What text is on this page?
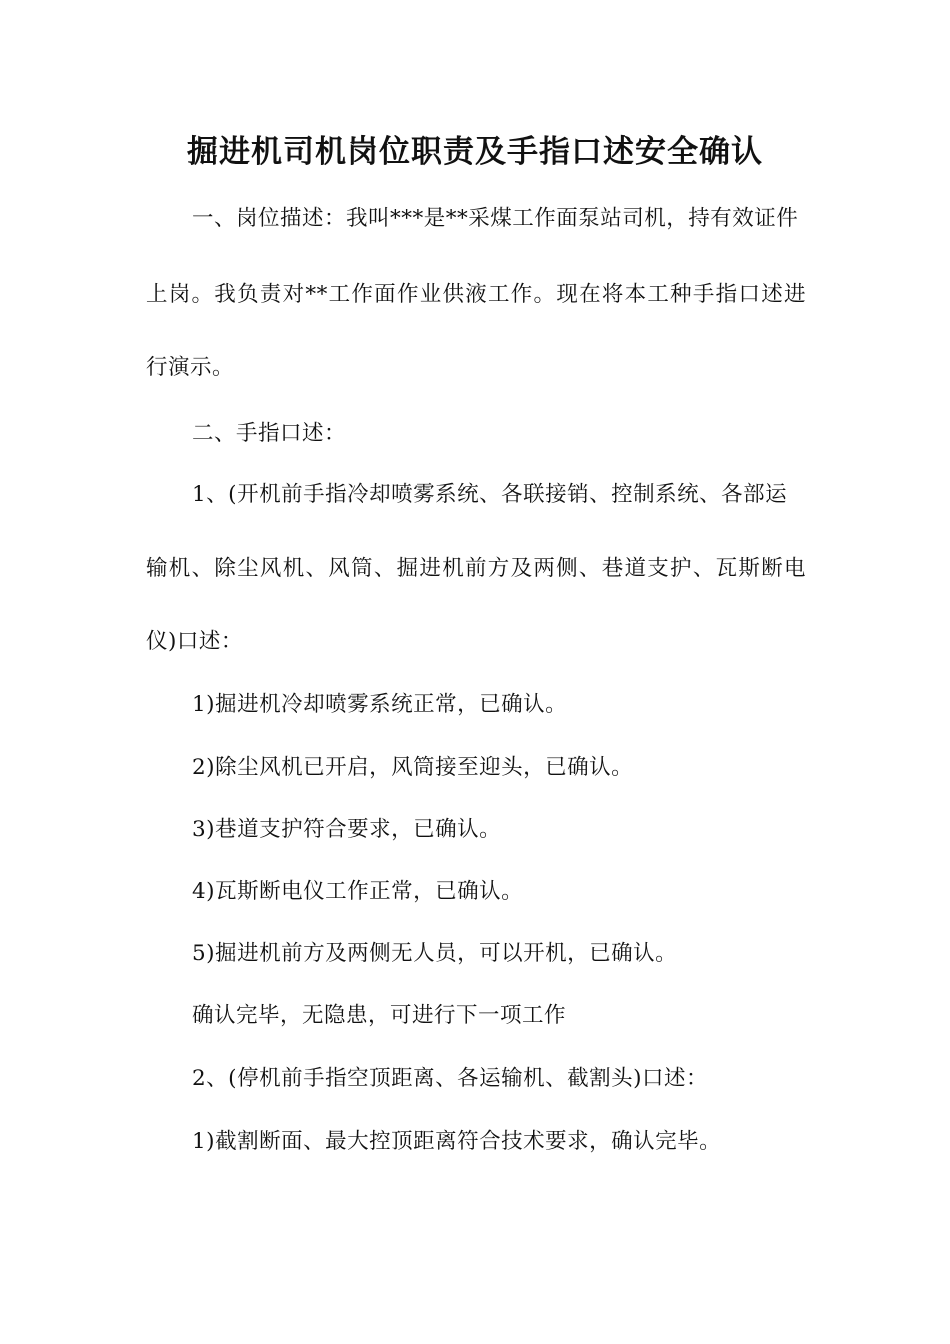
掘进机司机岗位职责及手指口述安全确认
一、岗位描述：我叫***是**采煤工作面泵站司机，持有效证件
上岗。我负责对**工作面作业供液工作。现在将本工种手指口述进
行演示。
二、手指口述：
1、(开机前手指冷却喷雾系统、各联接销、控制系统、各部运
输机、除尘风机、风筒、掘进机前方及两侧、巷道支护、瓦斯断电
仪)口述：
1)掘进机冷却喷雾系统正常，已确认。
2)除尘风机已开启，风筒接至迎头，已确认。
3)巷道支护符合要求，已确认。
4)瓦斯断电仪工作正常，已确认。
5)掘进机前方及两侧无人员，可以开机，已确认。
确认完毕，无隐患，可进行下一项工作
2、(停机前手指空顶距离、各运输机、截割头)口述：
1)截割断面、最大控顶距离符合技术要求，确认完毕。
